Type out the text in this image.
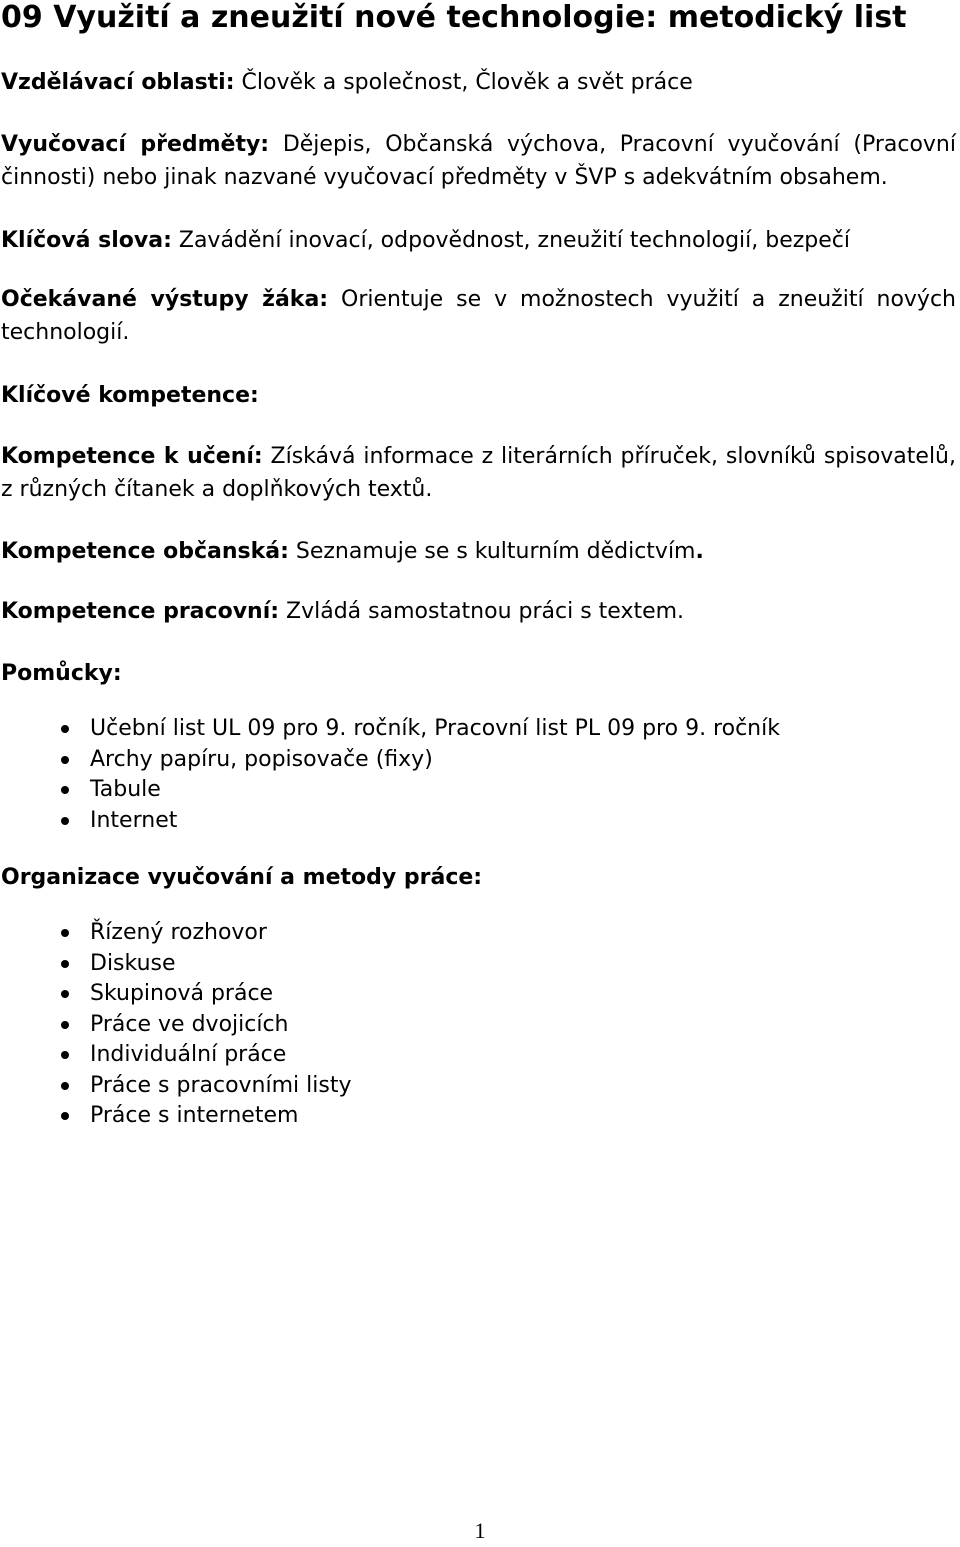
09 Využití a zneužití nové technologie: metodický list

Vzdělávací oblasti: Člověk a společnost, Člověk a svět práce

Vyučovací předměty: Dějepis, Občanská výchova, Pracovní vyučování (Pracovní činnosti) nebo jinak nazvané vyučovací předměty v ŠVP s adekvátním obsahem.

Klíčová slova: Zavádění inovací, odpovědnost, zneužití technologií, bezpečí

Očekávané výstupy žáka: Orientuje se v možnostech využití a zneužití nových technologií.

Klíčové kompetence:

Kompetence k učení: Získává informace z literárních příruček, slovníků spisovatelů, z různých čítanek a doplňkových textů.

Kompetence občanská: Seznamuje se s kulturním dědictvím.

Kompetence pracovní: Zvládá samostatnou práci s textem.

Pomůcky:
Učební list UL 09 pro 9. ročník, Pracovní list PL 09 pro 9. ročník
Archy papíru, popisovače (fixy)
Tabule
Internet
Organizace vyučování a metody práce:
Řízený rozhovor
Diskuse
Skupinová práce
Práce ve dvojicích
Individuální práce
Práce s pracovními listy
Práce s internetem
1
